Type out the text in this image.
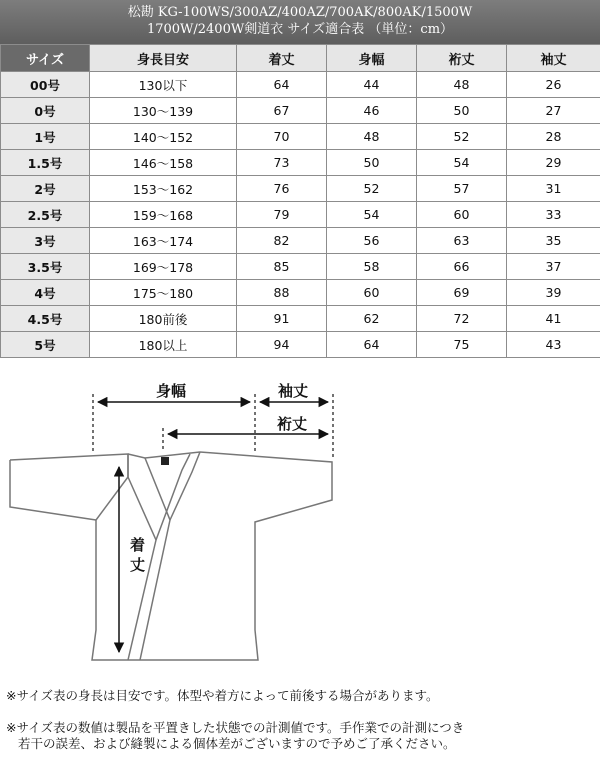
松勘 KG-100WS/300AZ/400AZ/700AK/800AK/1500W
1700W/2400W剣道衣 サイズ適合表 （単位：cm）
サイズ	身長目安	着丈	身幅	裄丈	袖丈
00号	130以下	64	44	48	26
0号	130〜139	67	46	50	27
1号	140〜152	70	48	52	28
1.5号	146〜158	73	50	54	29
2号	153〜162	76	52	57	31
2.5号	159〜168	79	54	60	33
3号	163〜174	82	56	63	35
3.5号	169〜178	85	58	66	37
4号	175〜180	88	60	69	39
4.5号	180前後	91	62	72	41
5号	180以上	94	64	75	43
身幅	袖丈
裄丈
着
丈
※サイズ表の身長は目安です。体型や着方によって前後する場合があります。
※サイズ表の数値は製品を平置きした状態での計測値です。手作業での計測につき
若干の誤差、および縫製による個体差がございますので予めご了承ください。
